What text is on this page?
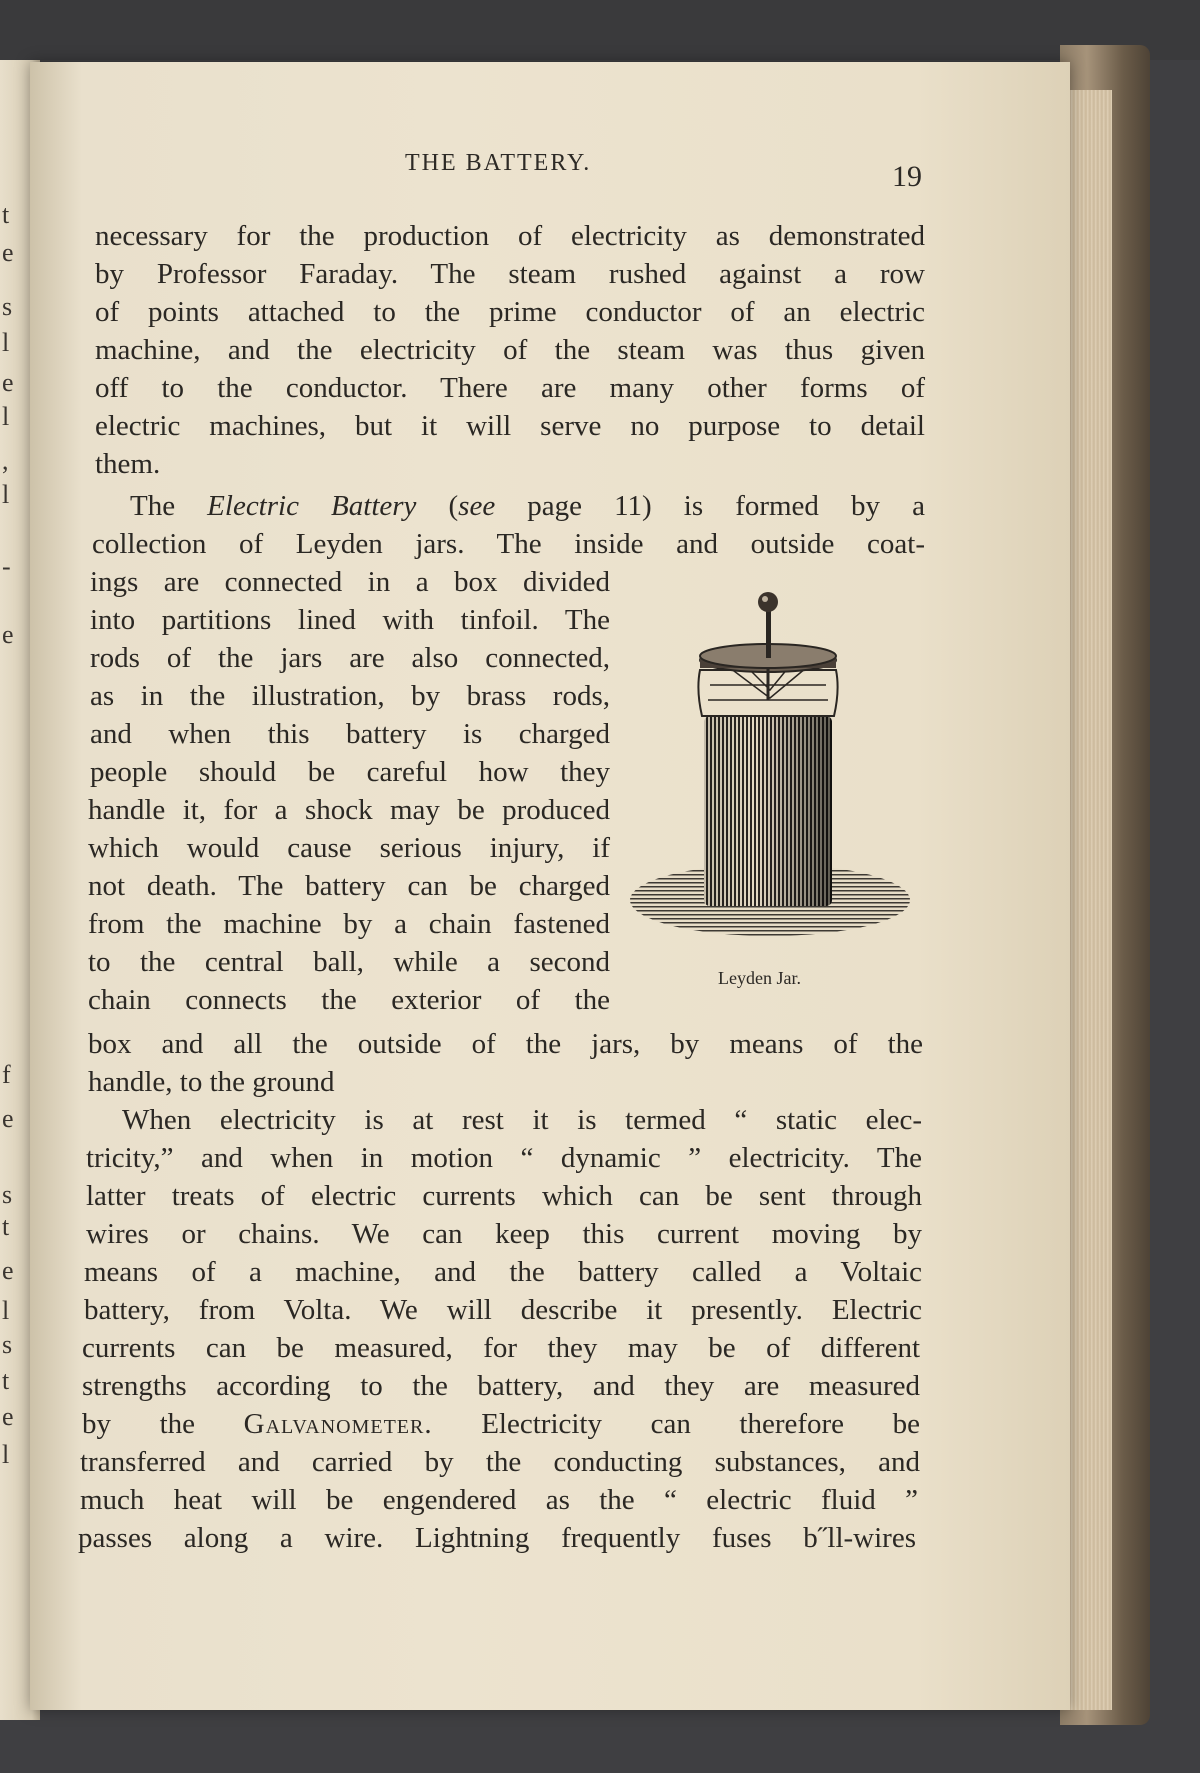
t
e
s
l
e
l
,
l
-
e
f
e
s
t
e
l
s
t
e
l
THE BATTERY.	19
necessary for the production of electricity as demonstrated
by Professor Faraday. The steam rushed against a row
of points attached to the prime conductor of an electric
machine, and the electricity of the steam was thus given
off to the conductor. There are many other forms of
electric machines, but it will serve no purpose to detail
them.
The Electric Battery (see page 11) is formed by a
collection of Leyden jars. The inside and outside coat-
ings are connected in a box divided
into partitions lined with tinfoil. The
rods of the jars are also connected,
as in the illustration, by brass rods,
and when this battery is charged
people should be careful how they
handle it, for a shock may be produced
which would cause serious injury, if
not death. The battery can be charged
from the machine by a chain fastened
to the central ball, while a second
chain connects the exterior of the
box and all the outside of the jars, by means of the
handle, to the ground
When electricity is at rest it is termed “ static elec-
tricity,” and when in motion “ dynamic ” electricity. The
latter treats of electric currents which can be sent through
wires or chains. We can keep this current moving by
means of a machine, and the battery called a Voltaic
battery, from Volta. We will describe it presently. Electric
currents can be measured, for they may be of different
strengths according to the battery, and they are measured
by the Galvanometer. Electricity can therefore be
transferred and carried by the conducting substances, and
much heat will be engendered as the “ electric fluid ”
passes along a wire. Lightning frequently fuses b˝ll-wires
Leyden Jar.
